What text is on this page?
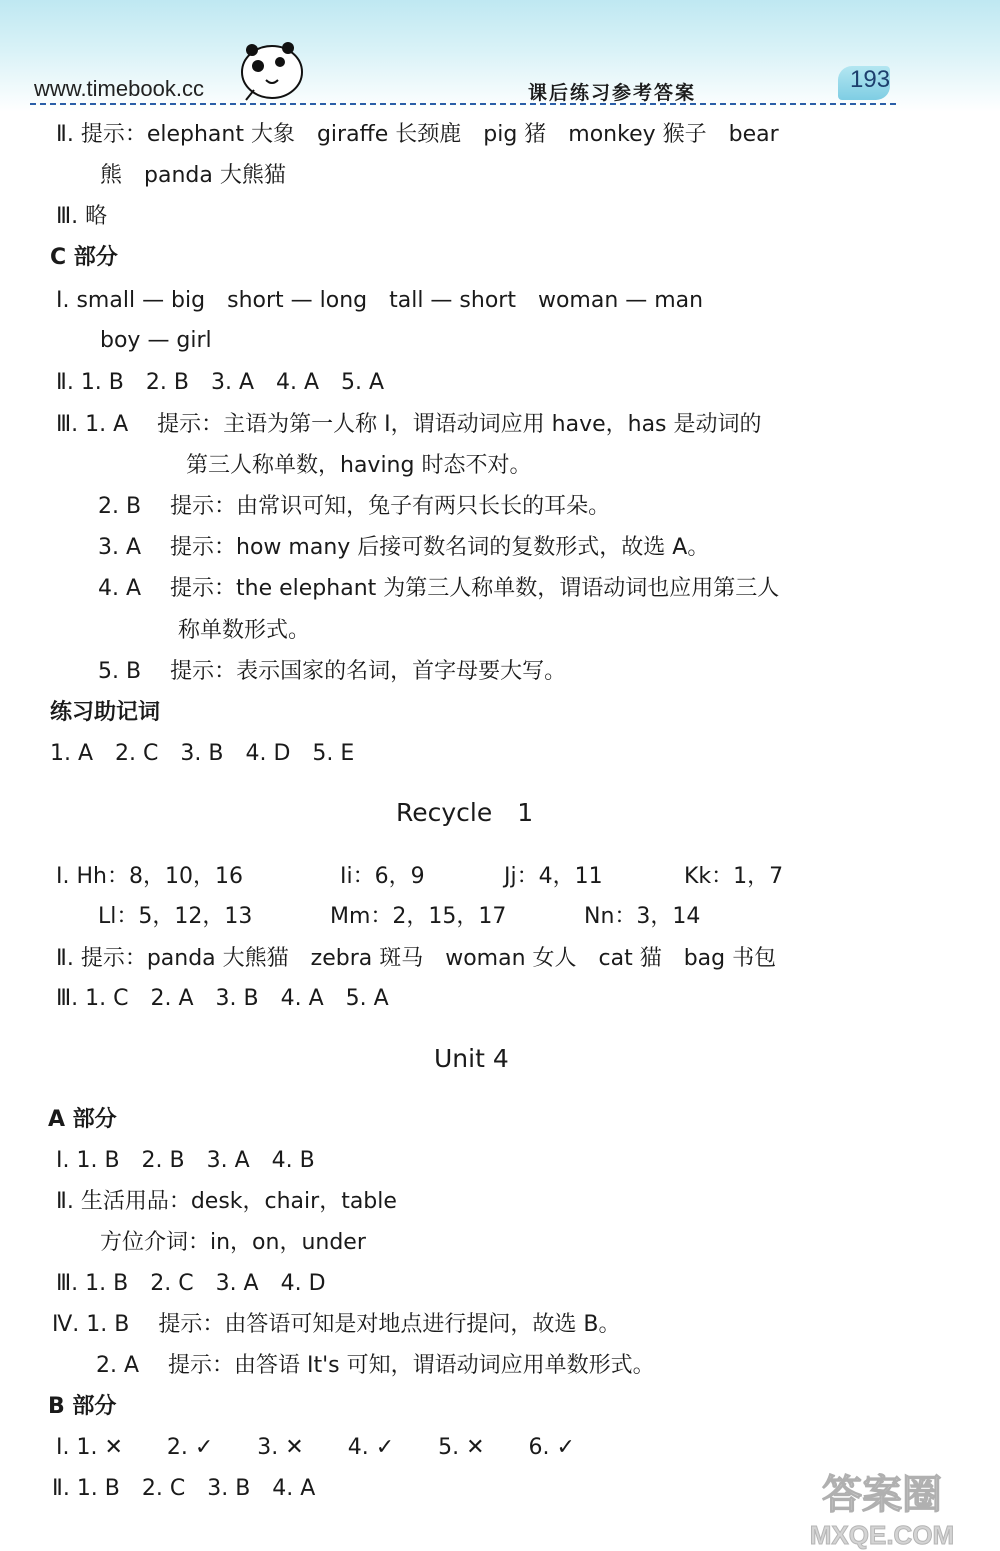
www.timebook.cc	193
课后练习参考答案
Ⅱ. 提示：elephant 大象　giraffe 长颈鹿　pig 猪　monkey 猴子　bear
熊　panda 大熊猫
Ⅲ. 略
C 部分
Ⅰ. small — big　short — long　tall — short　woman — man
boy — girl
Ⅱ. 1. B　2. B　3. A　4. A　5. A
Ⅲ. 1. A　 提示：主语为第一人称 I，谓语动词应用 have，has 是动词的
第三人称单数，having 时态不对。
2. B　 提示：由常识可知，兔子有两只长长的耳朵。
3. A　 提示：how many 后接可数名词的复数形式，故选 A。
4. A　 提示：the elephant 为第三人称单数，谓语动词也应用第三人
称单数形式。
5. B　 提示：表示国家的名词，首字母要大写。
练习助记词
1. A　2. C　3. B　4. D　5. E
Recycle　1
Ⅰ. Hh：8，10，16	Ii：6，9	Jj：4，11	Kk：1，7
Ll：5，12，13	Mm：2，15，17	Nn：3，14
Ⅱ. 提示：panda 大熊猫　zebra 斑马　woman 女人　cat 猫　bag 书包
Ⅲ. 1. C　2. A　3. B　4. A　5. A
Unit 4
A 部分
Ⅰ. 1. B　2. B　3. A　4. B
Ⅱ. 生活用品：desk，chair，table
方位介词：in，on，under
Ⅲ. 1. B　2. C　3. A　4. D
Ⅳ. 1. B　 提示：由答语可知是对地点进行提问，故选 B。
2. A　 提示：由答语 It's 可知，谓语动词应用单数形式。
B 部分
Ⅰ. 1. ✕　　2. ✓　　3. ✕　　4. ✓　　5. ✕　　6. ✓
Ⅱ. 1. B　2. C　3. B　4. A	答案圈
MXQE.COM
